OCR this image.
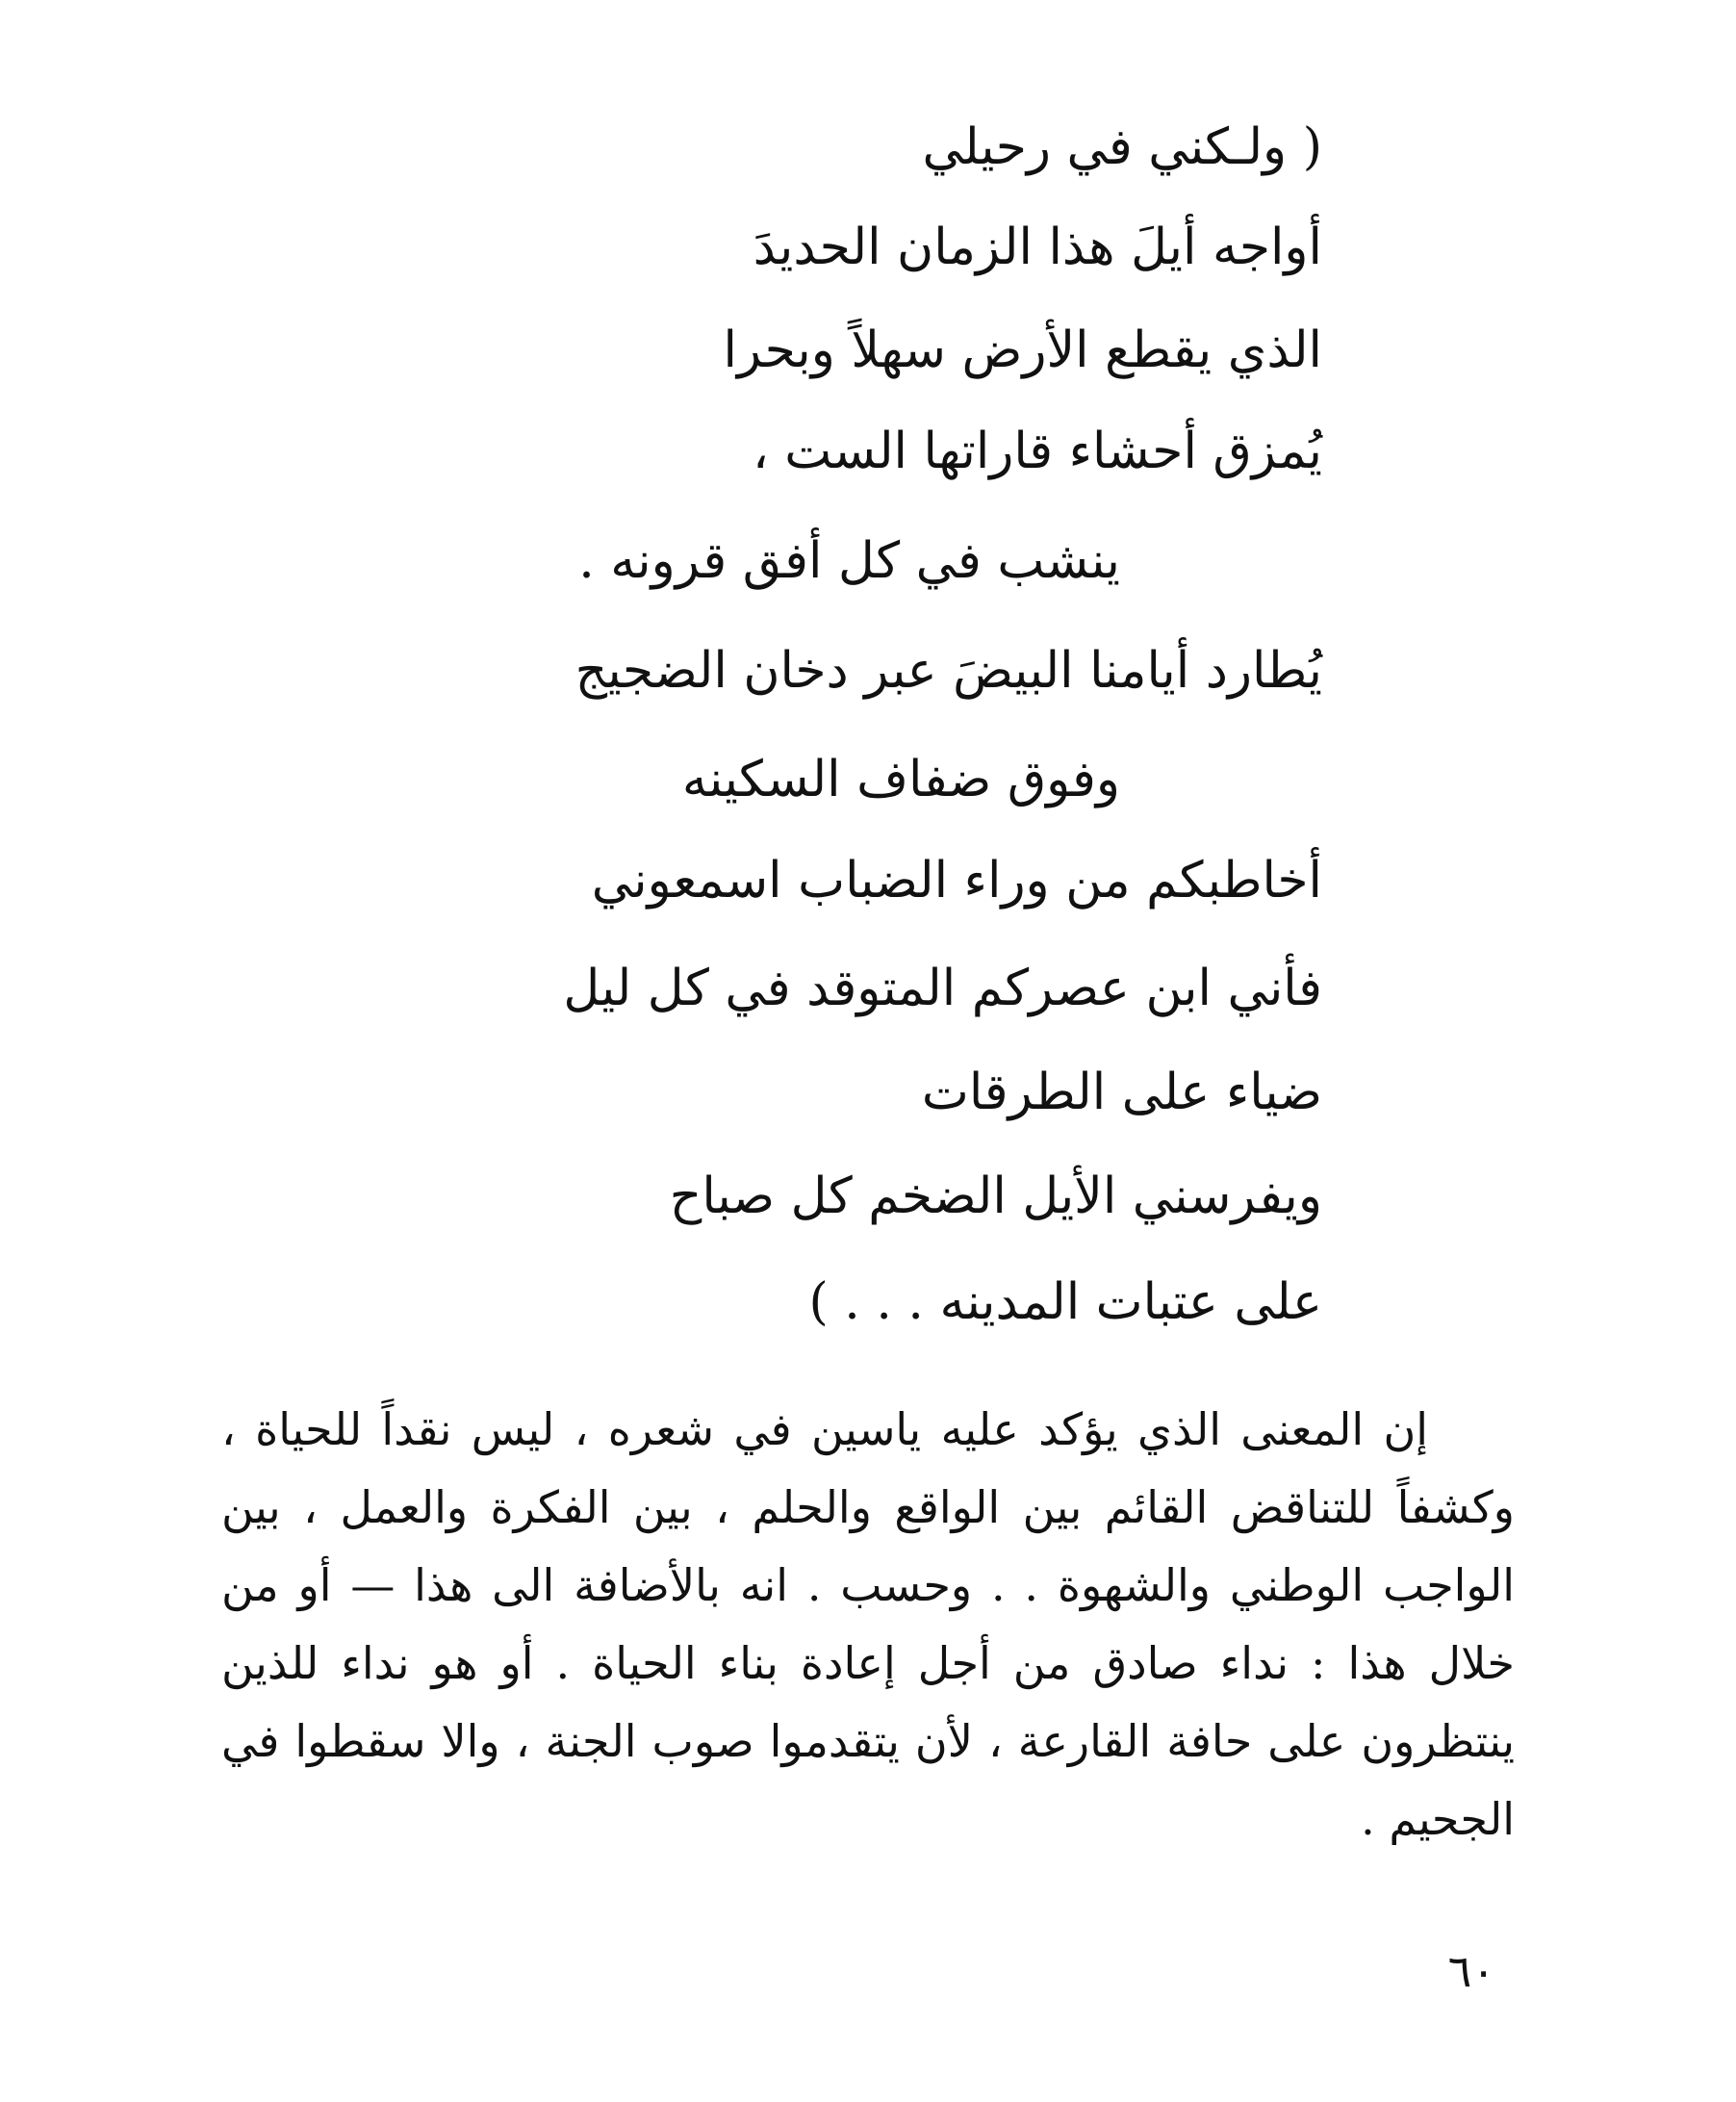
( ولـكني في رحيلي

أواجه أيلَ هذا الزمان الحديدَ

الذي يقطع الأرض سهلاً وبحرا

يُمزق أحشاء قاراتها الست ،

ينشب في كل أفق قرونه .

يُطارد أيامنا البيضَ عبر دخان الضجيج

وفوق ضفاف السكينه

أخاطبكم من وراء الضباب اسمعوني

فأني ابن عصركم المتوقد في كل ليل

ضياء على الطرقات

ويفرسني الأيل الضخم كل صباح

على عتبات المدينه . . . )

إن المعنى الذي يؤكد عليه ياسين في شعره ، ليس نقداً للحياة ، وكشفاً للتناقض القائم بين الواقع والحلم ، بين الفكرة والعمل ، بين الواجب الوطني والشهوة . . وحسب . انه بالأضافة الى هذا — أو من خلال هذا : نداء صادق من أجل إعادة بناء الحياة . أو هو نداء للذين ينتظرون على حافة القارعة ، لأن يتقدموا صوب الجنة ، والا سقطوا في الجحيم .

٦٠
